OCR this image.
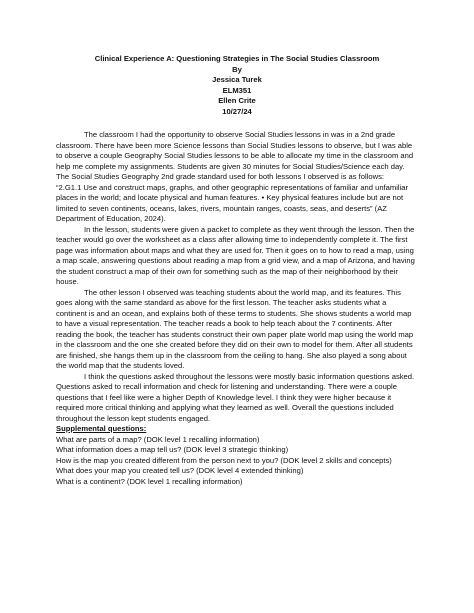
Clinical Experience A: Questioning Strategies in The Social Studies Classroom
By
Jessica Turek
ELM351
Ellen Crite
10/27/24

The classroom I had the opportunity to observe Social Studies lessons in was in a 2nd grade classroom. There have been more Science lessons than Social Studies lessons to observe, but I was able to observe a couple Geography Social Studies lessons to be able to allocate my time in the classroom and help me complete my assignments. Students are given 30 minutes for Social Studies/Science each day. The Social Studies Geography 2nd grade standard used for both lessons I observed is as follows:

“2.G1.1 Use and construct maps, graphs, and other geographic representations of familiar and unfamiliar places in the world; and locate physical and human features. • Key physical features include but are not limited to seven continents, oceans, lakes, rivers, mountain ranges, coasts, seas, and deserts” (AZ Department of Education, 2024).

In the lesson, students were given a packet to complete as they went through the lesson. Then the teacher would go over the worksheet as a class after allowing time to independently complete it. The first page was information about maps and what they are used for. Then it goes on to how to read a map, using a map scale, answering questions about reading a map from a grid view, and a map of Arizona, and having the student construct a map of their own for something such as the map of their neighborhood by their house.

The other lesson I observed was teaching students about the world map, and its features. This goes along with the same standard as above for the first lesson. The teacher asks students what a continent is and an ocean, and explains both of these terms to students. She shows students a world map to have a visual representation. The teacher reads a book to help teach about the 7 continents. After reading the book, the teacher has students construct their own paper plate world map using the world map in the classroom and the one she created before they did on their own to model for them. After all students are finished, she hangs them up in the classroom from the ceiling to hang. She also played a song about the world map that the students loved.

I think the questions asked throughout the lessons were mostly basic information questions asked. Questions asked to recall information and check for listening and understanding. There were a couple questions that I feel like were a higher Depth of Knowledge level. I think they were higher because it required more critical thinking and applying what they learned as well. Overall the questions included throughout the lesson kept students engaged.

Supplemental questions:

What are parts of a map? (DOK level 1 recalling information)

What information does a map tell us? (DOK level 3 strategic thinking)

How is the map you created different from the person next to you? (DOK level 2 skills and concepts)

What does your map you created tell us? (DOK level 4 extended thinking)

What is a continent? (DOK level 1 recalling information)
